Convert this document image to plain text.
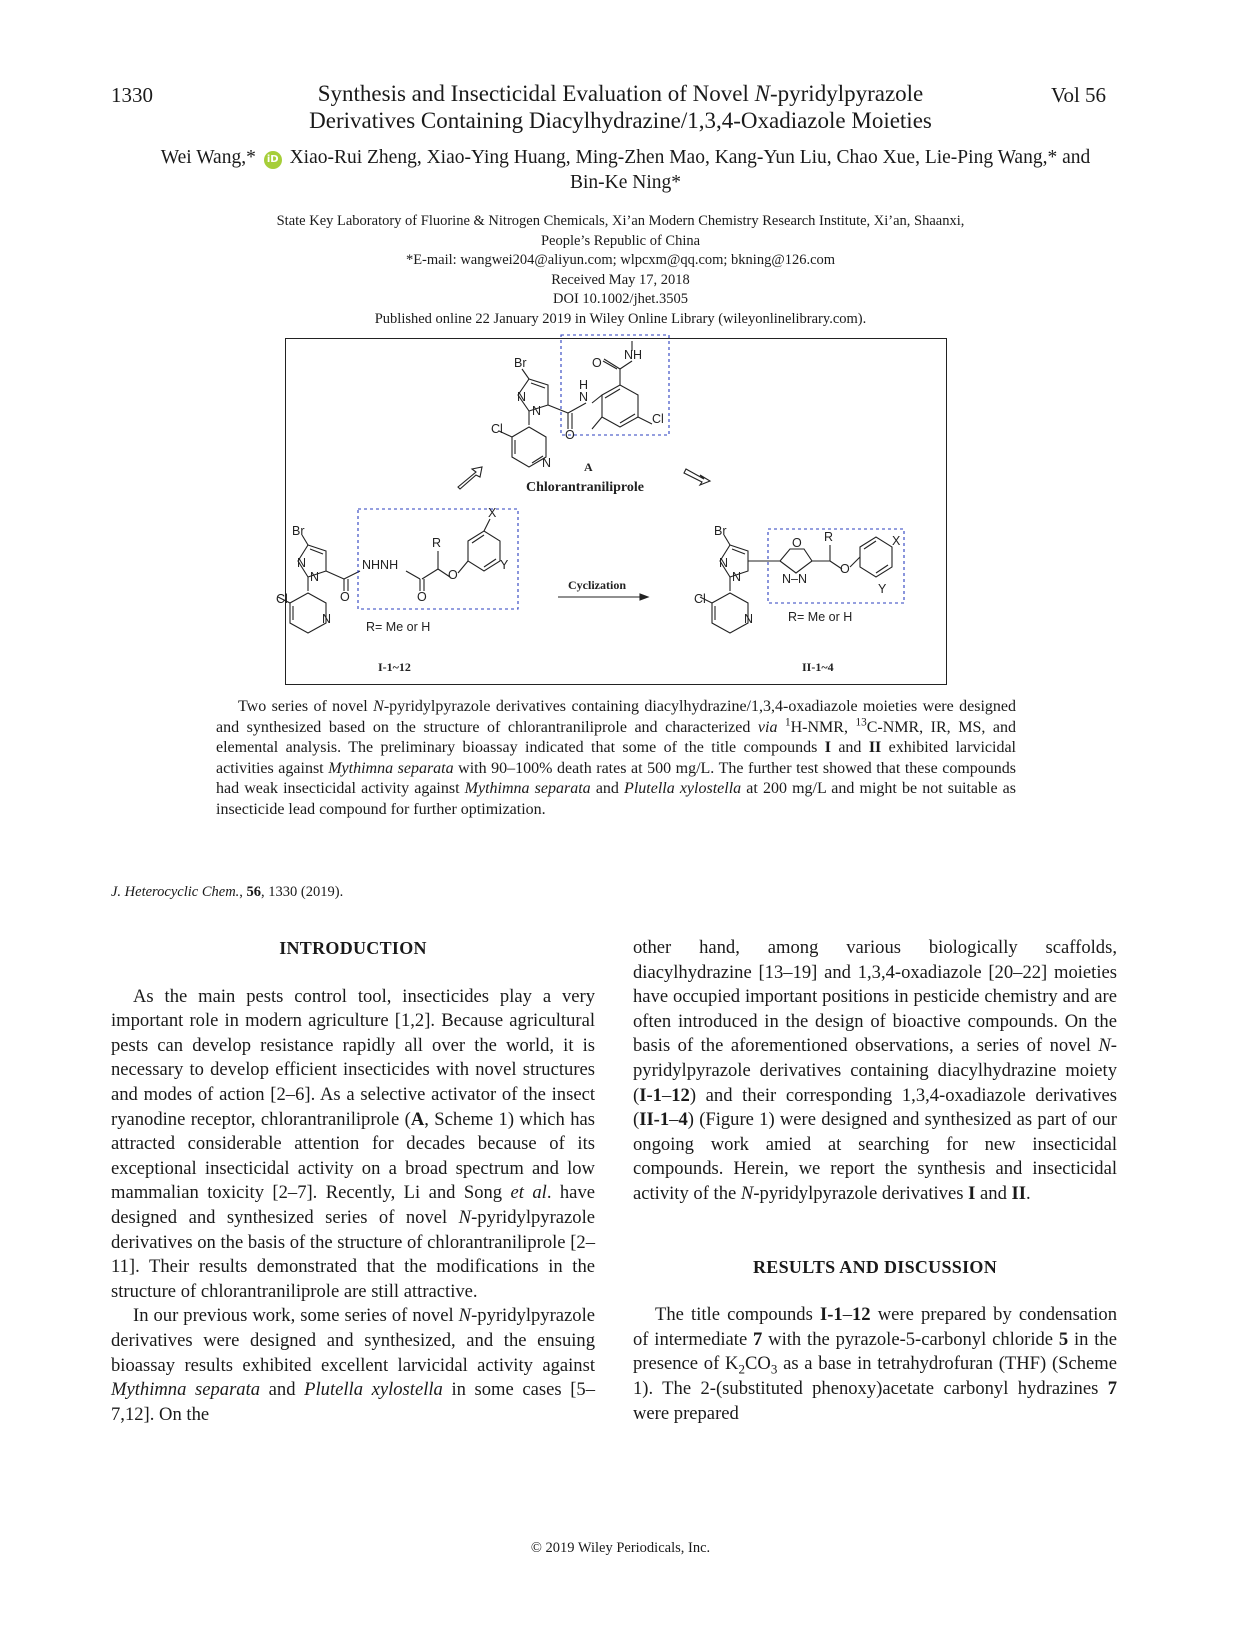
1330	Vol 56
Synthesis and Insecticidal Evaluation of Novel N-pyridylpyrazole
Derivatives Containing Diacylhydrazine/1,3,4-Oxadiazole Moieties
Wei Wang,* iD Xiao-Rui Zheng, Xiao-Ying Huang, Ming-Zhen Mao, Kang-Yun Liu, Chao Xue, Lie-Ping Wang,* and
Bin-Ke Ning*
State Key Laboratory of Fluorine & Nitrogen Chemicals, Xi’an Modern Chemistry Research Institute, Xi’an, Shaanxi,
People’s Republic of China
*E-mail: wangwei204@aliyun.com; wlpcxm@qq.com; bkning@126.com
Received May 17, 2018
DOI 10.1002/jhet.3505
Published online 22 January 2019 in Wiley Online Library (wileyonlinelibrary.com).
Br
N
N
Cl
N
O
H
N
O
NH
Cl
A
Chlorantraniliprole
Br
N
N
Cl
N
O
NHNH
O
R
O
X
Y
R= Me or H
I-1~12
Cyclization
Br
N
N
Cl
N
O
N–N
R
O
X
Y
R= Me or H
II-1~4
Two series of novel N-pyridylpyrazole derivatives containing diacylhydrazine/1,3,4-oxadiazole moieties were designed and synthesized based on the structure of chlorantraniliprole and characterized via $^1$H-NMR, $^{13}$C-NMR, IR, MS, and elemental analysis. The preliminary bioassay indicated that some of the title compounds I and II exhibited larvicidal activities against Mythimna separata with 90–100% death rates at 500 mg/L. The further test showed that these compounds had weak insecticidal activity against Mythimna separata and Plutella xylostella at 200 mg/L and might be not suitable as insecticide lead compound for further optimization.
J. Heterocyclic Chem., 56, 1330 (2019).
INTRODUCTION

As the main pests control tool, insecticides play a very important role in modern agriculture [1,2]. Because agricultural pests can develop resistance rapidly all over the world, it is necessary to develop efficient insecticides with novel structures and modes of action [2–6]. As a selective activator of the insect ryanodine receptor, chlorantraniliprole (A, Scheme 1) which has attracted considerable attention for decades because of its exceptional insecticidal activity on a broad spectrum and low mammalian toxicity [2–7]. Recently, Li and Song et al. have designed and synthesized series of novel N-pyridylpyrazole derivatives on the basis of the structure of chlorantraniliprole [2–11]. Their results demonstrated that the modifications in the structure of chlorantraniliprole are still attractive.

In our previous work, some series of novel N-pyridylpyrazole derivatives were designed and synthesized, and the ensuing bioassay results exhibited excellent larvicidal activity against Mythimna separata and Plutella xylostella in some cases [5–7,12]. On the

other hand, among various biologically scaffolds, diacylhydrazine [13–19] and 1,3,4-oxadiazole [20–22] moieties have occupied important positions in pesticide chemistry and are often introduced in the design of bioactive compounds. On the basis of the aforementioned observations, a series of novel N-pyridylpyrazole derivatives containing diacylhydrazine moiety (I-1–12) and their corresponding 1,3,4-oxadiazole derivatives (II-1–4) (Figure 1) were designed and synthesized as part of our ongoing work amied at searching for new insecticidal compounds. Herein, we report the synthesis and insecticidal activity of the N-pyridylpyrazole derivatives I and II.

RESULTS AND DISCUSSION

The title compounds I-1–12 were prepared by condensation of intermediate 7 with the pyrazole-5-carbonyl chloride 5 in the presence of $K_2CO_3$ as a base in tetrahydrofuran (THF) (Scheme 1). The 2-(substituted phenoxy)acetate carbonyl hydrazines 7 were prepared

© 2019 Wiley Periodicals, Inc.
